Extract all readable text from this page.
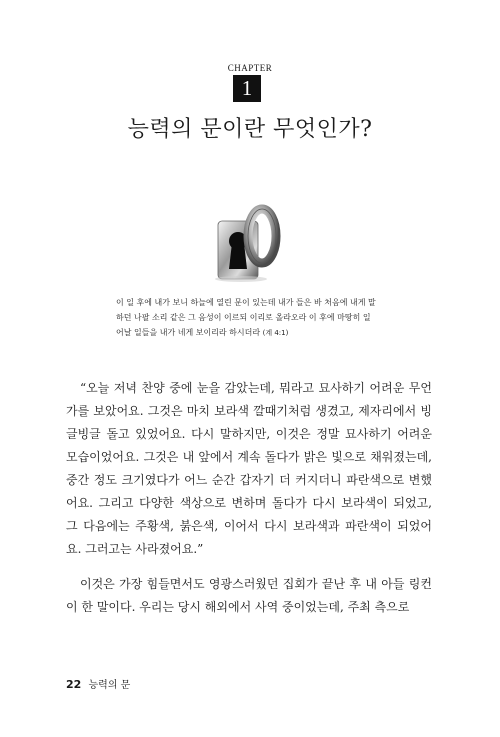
CHAPTER
1
능력의 문이란 무엇인가?
이 일 후에 내가 보니 하늘에 열린 문이 있는데 내가 들은 바 처음에 내게 말하던 나팔 소리 같은 그 음성이 이르되 이리로 올라오라 이 후에 마땅히 일어날 일들을 내가 네게 보이리라 하시더라 (계 4:1)

“오늘 저녁 찬양 중에 눈을 감았는데, 뭐라고 묘사하기 어려운 무언가를 보았어요. 그것은 마치 보라색 깔때기처럼 생겼고, 제자리에서 빙글빙글 돌고 있었어요. 다시 말하지만, 이것은 정말 묘사하기 어려운 모습이었어요. 그것은 내 앞에서 계속 돌다가 밝은 빛으로 채워졌는데, 중간 정도 크기였다가 어느 순간 갑자기 더 커지더니 파란색으로 변했어요. 그리고 다양한 색상으로 변하며 돌다가 다시 보라색이 되었고, 그 다음에는 주황색, 붉은색, 이어서 다시 보라색과 파란색이 되었어요. 그러고는 사라졌어요.”

이것은 가장 힘들면서도 영광스러웠던 집회가 끝난 후 내 아들 링컨이 한 말이다. 우리는 당시 해외에서 사역 중이었는데, 주최 측으로

22 능력의 문
